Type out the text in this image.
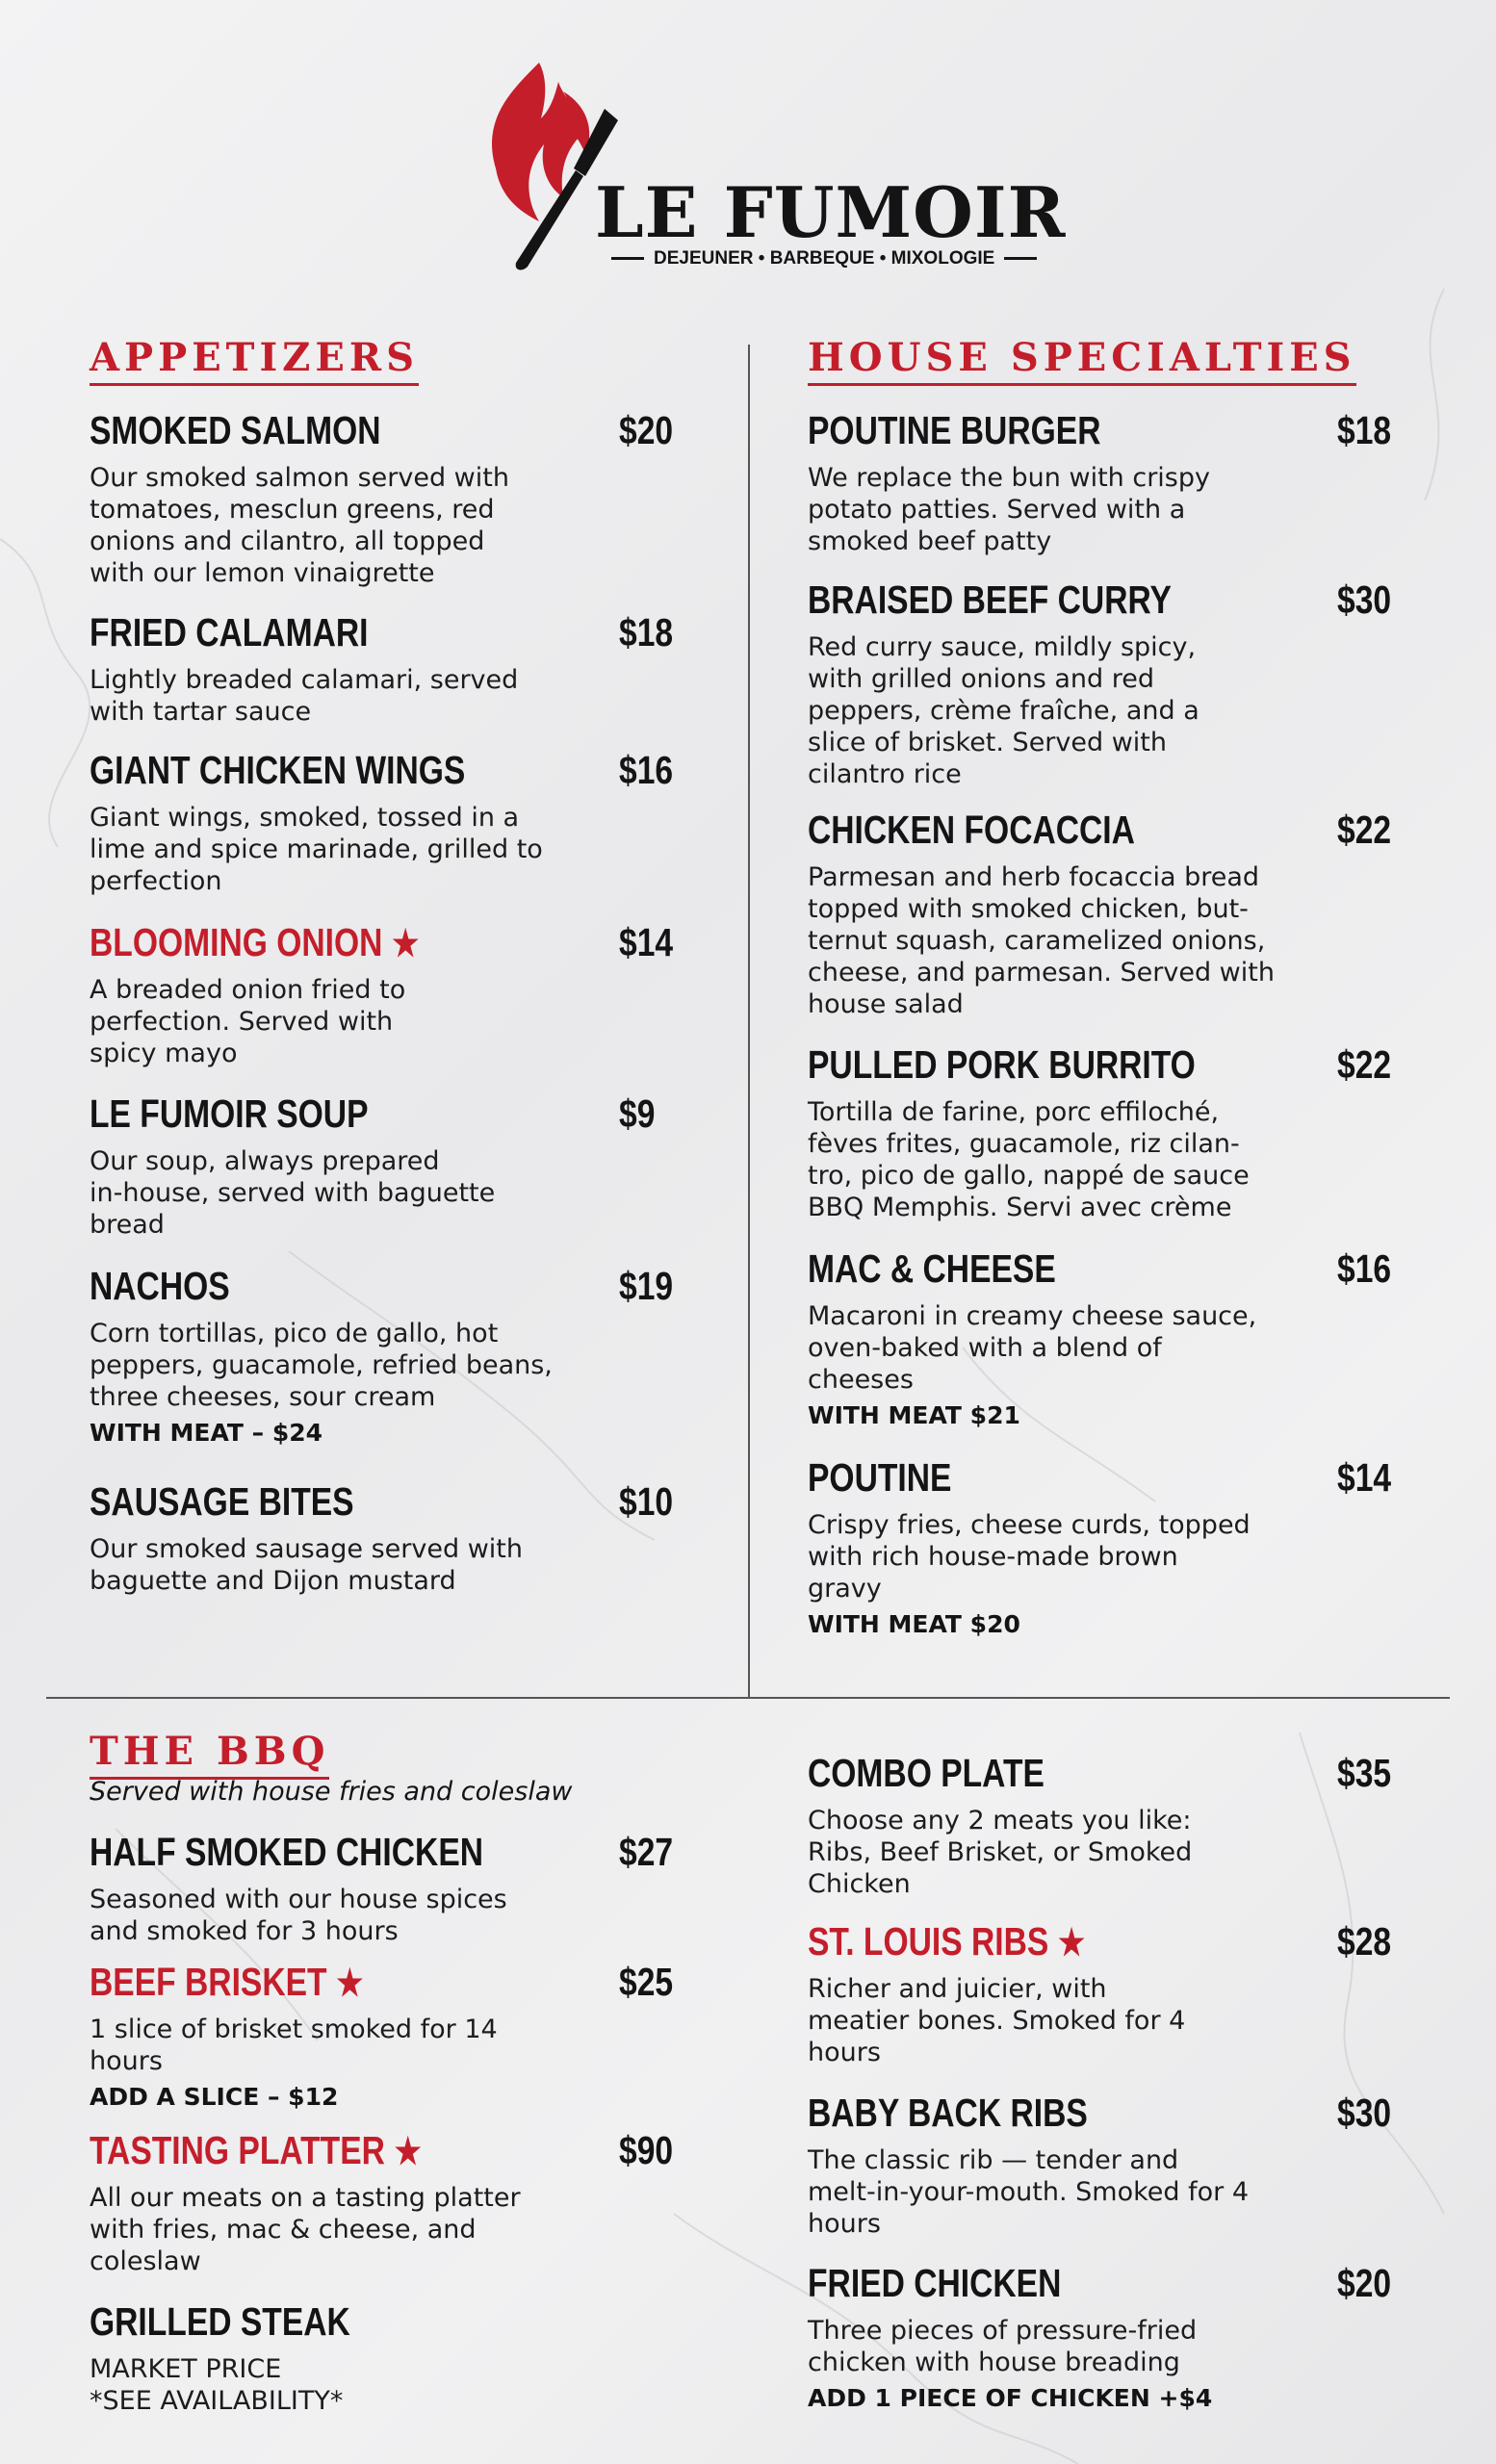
LE FUMOIR
DEJEUNER • BARBEQUE • MIXOLOGIE
APPETIZERS	HOUSE SPECIALTIES
THE BBQ
Served with house fries and coleslaw
SMOKED SALMON	$20
Our smoked salmon served with
tomatoes, mesclun greens, red
onions and cilantro, all topped
with our lemon vinaigrette
FRIED CALAMARI	$18
Lightly breaded calamari, served
with tartar sauce
GIANT CHICKEN WINGS	$16
Giant wings, smoked, tossed in a
lime and spice marinade, grilled to
perfection
BLOOMING ONION ★	$14
A breaded onion fried to
perfection. Served with
spicy mayo
LE FUMOIR SOUP	$9
Our soup, always prepared
in-house, served with baguette
bread
NACHOS	$19
Corn tortillas, pico de gallo, hot
peppers, guacamole, refried beans,
three cheeses, sour cream
WITH MEAT – $24
SAUSAGE BITES	$10
Our smoked sausage served with
baguette and Dijon mustard
POUTINE BURGER	$18
We replace the bun with crispy
potato patties. Served with a
smoked beef patty
BRAISED BEEF CURRY	$30
Red curry sauce, mildly spicy,
with grilled onions and red
peppers, crème fraîche, and a
slice of brisket. Served with
cilantro rice
CHICKEN FOCACCIA	$22
Parmesan and herb focaccia bread
topped with smoked chicken, but-
ternut squash, caramelized onions,
cheese, and parmesan. Served with
house salad
PULLED PORK BURRITO	$22
Tortilla de farine, porc effiloché,
fèves frites, guacamole, riz cilan-
tro, pico de gallo, nappé de sauce
BBQ Memphis. Servi avec crème
MAC & CHEESE	$16
Macaroni in creamy cheese sauce,
oven-baked with a blend of
cheeses
WITH MEAT $21
POUTINE	$14
Crispy fries, cheese curds, topped
with rich house-made brown
gravy
WITH MEAT $20
HALF SMOKED CHICKEN	$27
Seasoned with our house spices
and smoked for 3 hours
BEEF BRISKET ★	$25
1 slice of brisket smoked for 14
hours
ADD A SLICE – $12
TASTING PLATTER ★	$90
All our meats on a tasting platter
with fries, mac & cheese, and
coleslaw
GRILLED STEAK
MARKET PRICE
*SEE AVAILABILITY*
COMBO PLATE	$35
Choose any 2 meats you like:
Ribs, Beef Brisket, or Smoked
Chicken
ST. LOUIS RIBS ★	$28
Richer and juicier, with
meatier bones. Smoked for 4
hours
BABY BACK RIBS	$30
The classic rib — tender and
melt-in-your-mouth. Smoked for 4
hours
FRIED CHICKEN	$20
Three pieces of pressure-fried
chicken with house breading
ADD 1 PIECE OF CHICKEN +$4
